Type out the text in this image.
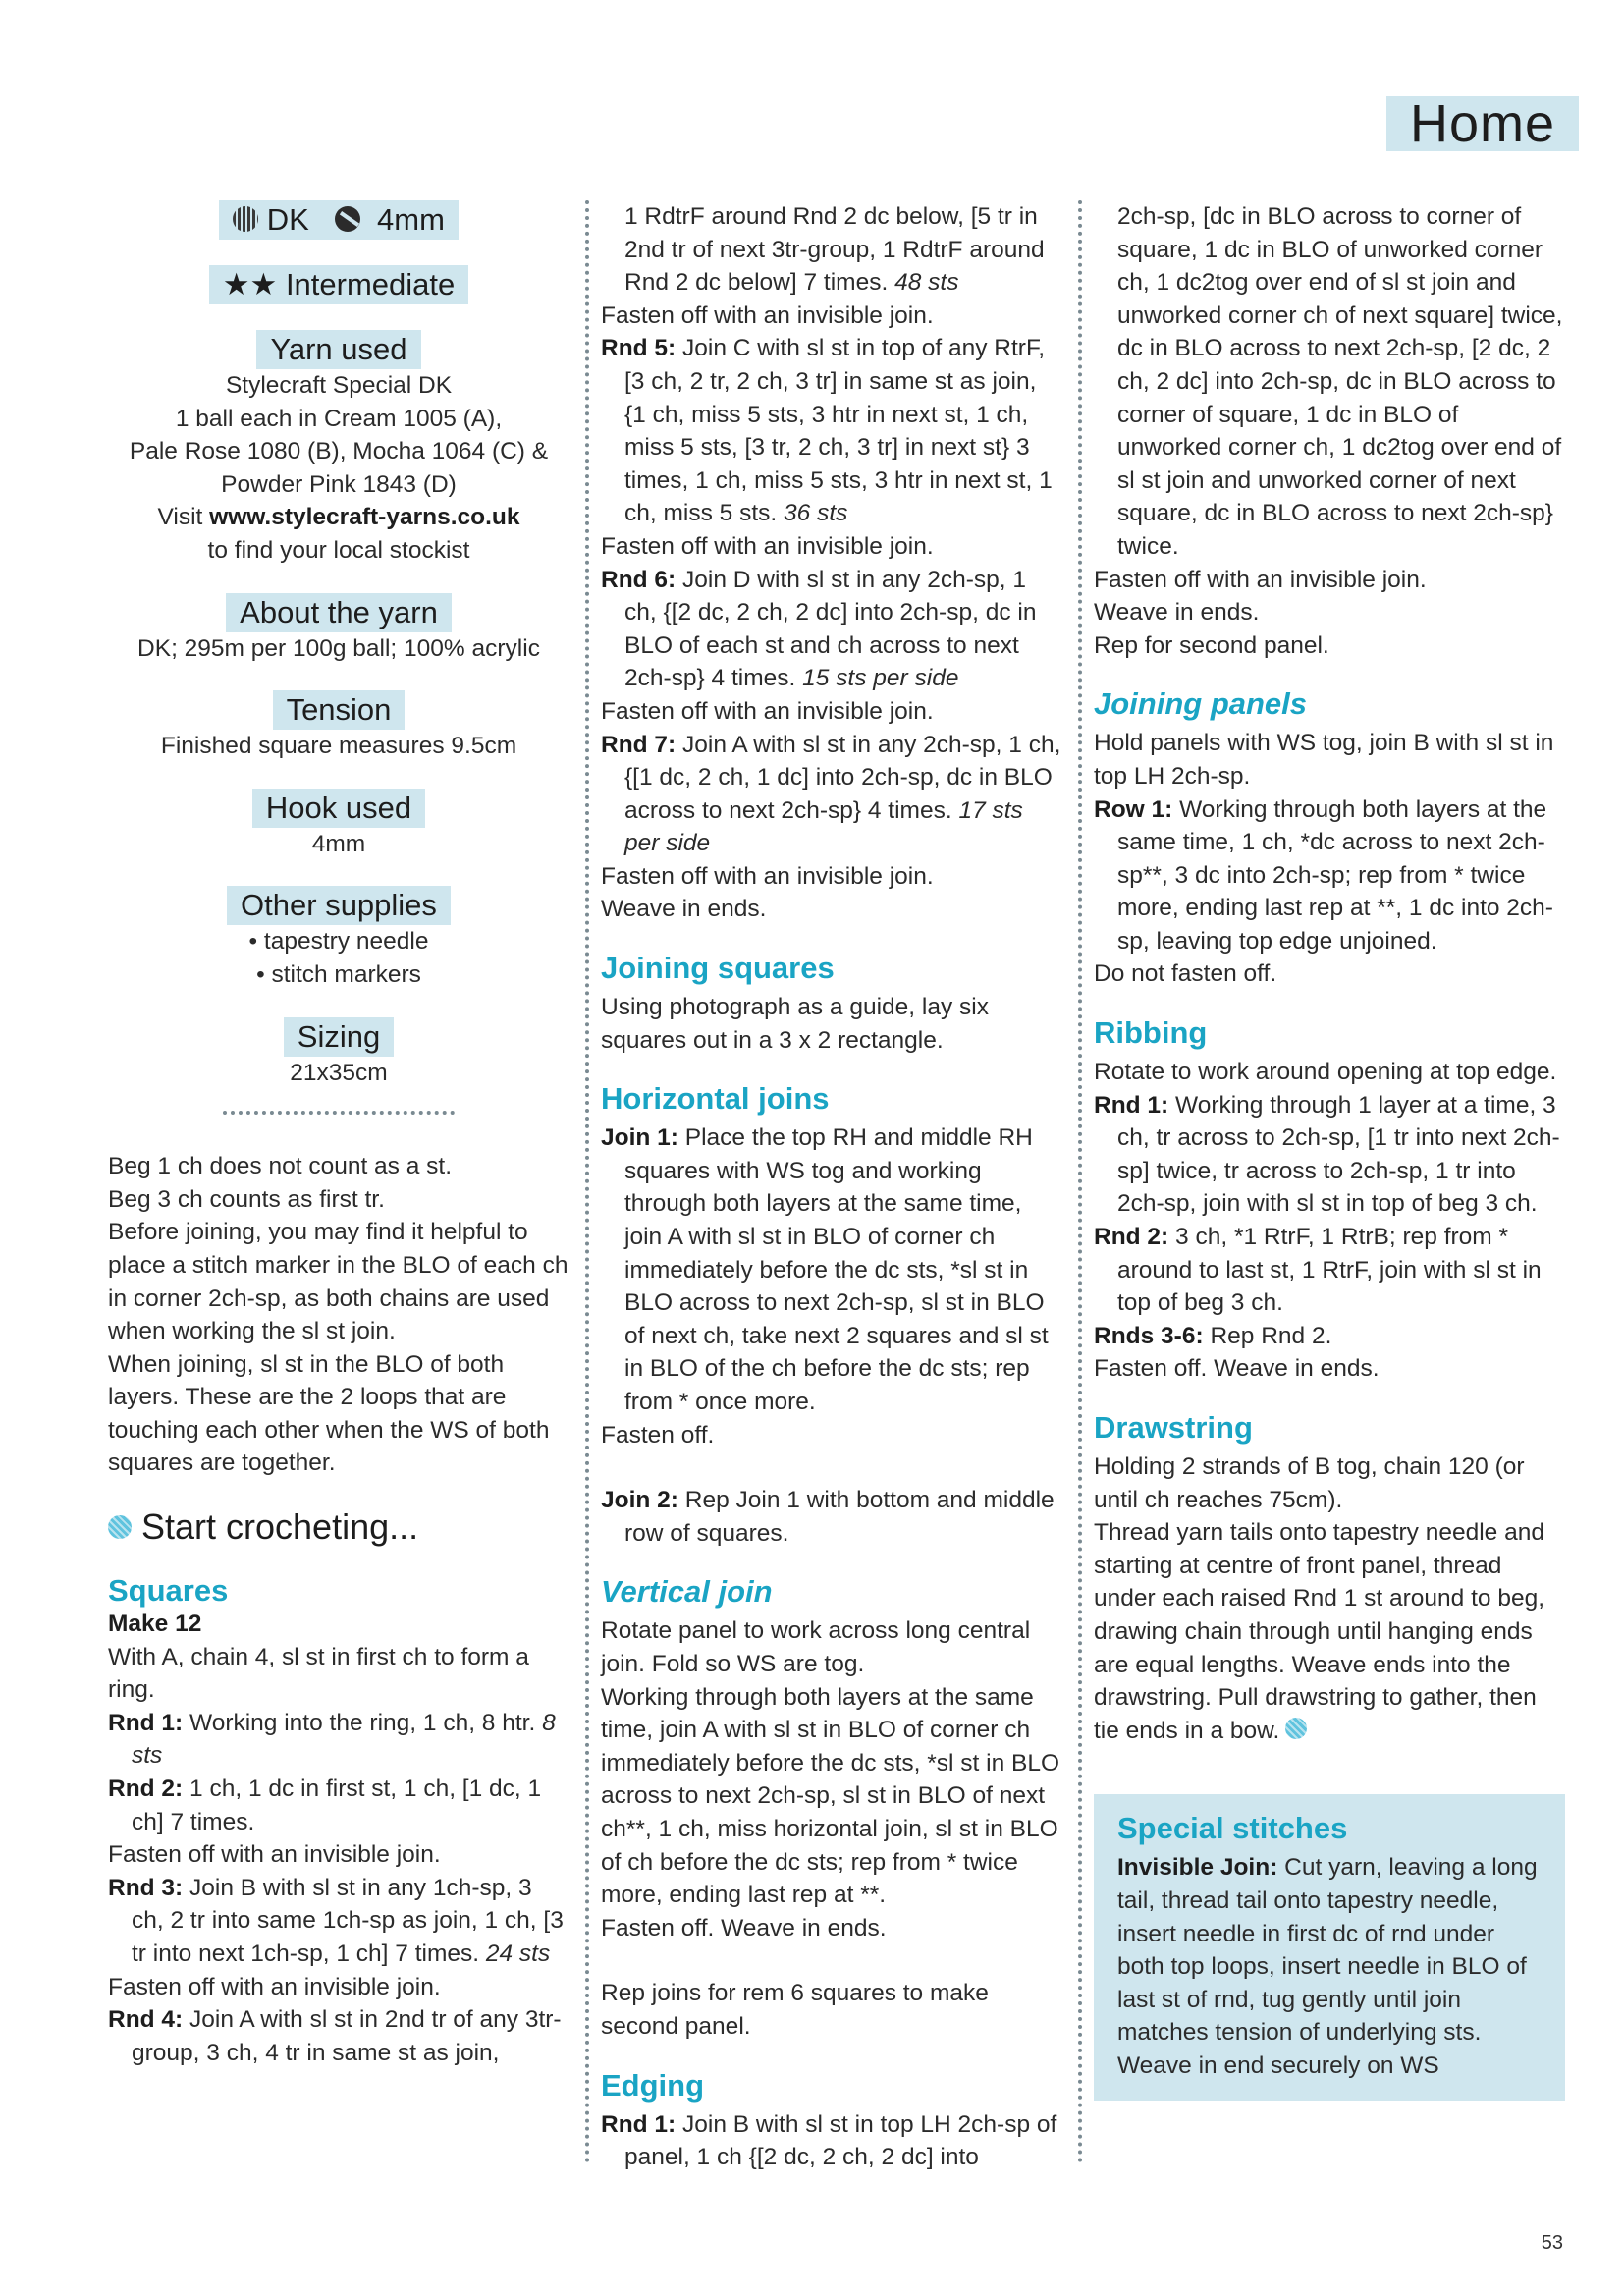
Home
DK 4mm
★★ Intermediate
Yarn used

Stylecraft Special DK

1 ball each in Cream 1005 (A),

Pale Rose 1080 (B), Mocha 1064 (C) &

Powder Pink 1843 (D)

Visit www.stylecraft-yarns.co.uk

to find your local stockist

About the yarn

DK; 295m per 100g ball; 100% acrylic

Tension

Finished square measures 9.5cm

Hook used

4mm

Other supplies

• tapestry needle

• stitch markers

Sizing

21x35cm

Beg 1 ch does not count as a st.

Beg 3 ch counts as first tr.

Before joining, you may find it helpful to place a stitch marker in the BLO of each ch in corner 2ch-sp, as both chains are used when working the sl st join.

When joining, sl st in the BLO of both layers. These are the 2 loops that are touching each other when the WS of both squares are together.

Start crocheting...
Squares

Make 12

With A, chain 4, sl st in first ch to form a ring.

Rnd 1: Working into the ring, 1 ch, 8 htr. 8 sts

Rnd 2: 1 ch, 1 dc in first st, 1 ch, [1 dc, 1 ch] 7 times.

Fasten off with an invisible join.

Rnd 3: Join B with sl st in any 1ch-sp, 3 ch, 2 tr into same 1ch-sp as join, 1 ch, [3 tr into next 1ch-sp, 1 ch] 7 times. 24 sts

Fasten off with an invisible join.

Rnd 4: Join A with sl st in 2nd tr of any 3tr-group, 3 ch, 4 tr in same st as join,

1 RdtrF around Rnd 2 dc below, [5 tr in 2nd tr of next 3tr-group, 1 RdtrF around Rnd 2 dc below] 7 times. 48 sts

Fasten off with an invisible join.

Rnd 5: Join C with sl st in top of any RtrF, [3 ch, 2 tr, 2 ch, 3 tr] in same st as join, {1 ch, miss 5 sts, 3 htr in next st, 1 ch, miss 5 sts, [3 tr, 2 ch, 3 tr] in next st} 3 times, 1 ch, miss 5 sts, 3 htr in next st, 1 ch, miss 5 sts. 36 sts

Fasten off with an invisible join.

Rnd 6: Join D with sl st in any 2ch-sp, 1 ch, {[2 dc, 2 ch, 2 dc] into 2ch-sp, dc in BLO of each st and ch across to next 2ch-sp} 4 times. 15 sts per side

Fasten off with an invisible join.

Rnd 7: Join A with sl st in any 2ch-sp, 1 ch, {[1 dc, 2 ch, 1 dc] into 2ch-sp, dc in BLO across to next 2ch-sp} 4 times. 17 sts per side

Fasten off with an invisible join.

Weave in ends.

Joining squares

Using photograph as a guide, lay six squares out in a 3 x 2 rectangle.

Horizontal joins

Join 1: Place the top RH and middle RH squares with WS tog and working through both layers at the same time, join A with sl st in BLO of corner ch immediately before the dc sts, *sl st in BLO across to next 2ch-sp, sl st in BLO of next ch, take next 2 squares and sl st in BLO of the ch before the dc sts; rep from * once more.

Fasten off.

Join 2: Rep Join 1 with bottom and middle row of squares.

Vertical join

Rotate panel to work across long central join. Fold so WS are tog.

Working through both layers at the same time, join A with sl st in BLO of corner ch immediately before the dc sts, *sl st in BLO across to next 2ch-sp, sl st in BLO of next ch**, 1 ch, miss horizontal join, sl st in BLO of ch before the dc sts; rep from * twice more, ending last rep at **.

Fasten off. Weave in ends.

Rep joins for rem 6 squares to make second panel.

Edging

Rnd 1: Join B with sl st in top LH 2ch-sp of panel, 1 ch {[2 dc, 2 ch, 2 dc] into

2ch-sp, [dc in BLO across to corner of square, 1 dc in BLO of unworked corner ch, 1 dc2tog over end of sl st join and unworked corner ch of next square] twice, dc in BLO across to next 2ch-sp, [2 dc, 2 ch, 2 dc] into 2ch-sp, dc in BLO across to corner of square, 1 dc in BLO of unworked corner ch, 1 dc2tog over end of sl st join and unworked corner of next square, dc in BLO across to next 2ch-sp} twice.

Fasten off with an invisible join.

Weave in ends.

Rep for second panel.

Joining panels

Hold panels with WS tog, join B with sl st in top LH 2ch-sp.

Row 1: Working through both layers at the same time, 1 ch, *dc across to next 2ch-sp**, 3 dc into 2ch-sp; rep from * twice more, ending last rep at **, 1 dc into 2ch-sp, leaving top edge unjoined.

Do not fasten off.

Ribbing

Rotate to work around opening at top edge.

Rnd 1: Working through 1 layer at a time, 3 ch, tr across to 2ch-sp, [1 tr into next 2ch-sp] twice, tr across to 2ch-sp, 1 tr into 2ch-sp, join with sl st in top of beg 3 ch.

Rnd 2: 3 ch, *1 RtrF, 1 RtrB; rep from * around to last st, 1 RtrF, join with sl st in top of beg 3 ch.

Rnds 3-6: Rep Rnd 2.

Fasten off. Weave in ends.

Drawstring

Holding 2 strands of B tog, chain 120 (or until ch reaches 75cm).

Thread yarn tails onto tapestry needle and starting at centre of front panel, thread under each raised Rnd 1 st around to beg, drawing chain through until hanging ends are equal lengths. Weave ends into the drawstring. Pull drawstring to gather, then tie ends in a bow.

Special stitches

Invisible Join: Cut yarn, leaving a long tail, thread tail onto tapestry needle, insert needle in first dc of rnd under both top loops, insert needle in BLO of last st of rnd, tug gently until join matches tension of underlying sts. Weave in end securely on WS

53
